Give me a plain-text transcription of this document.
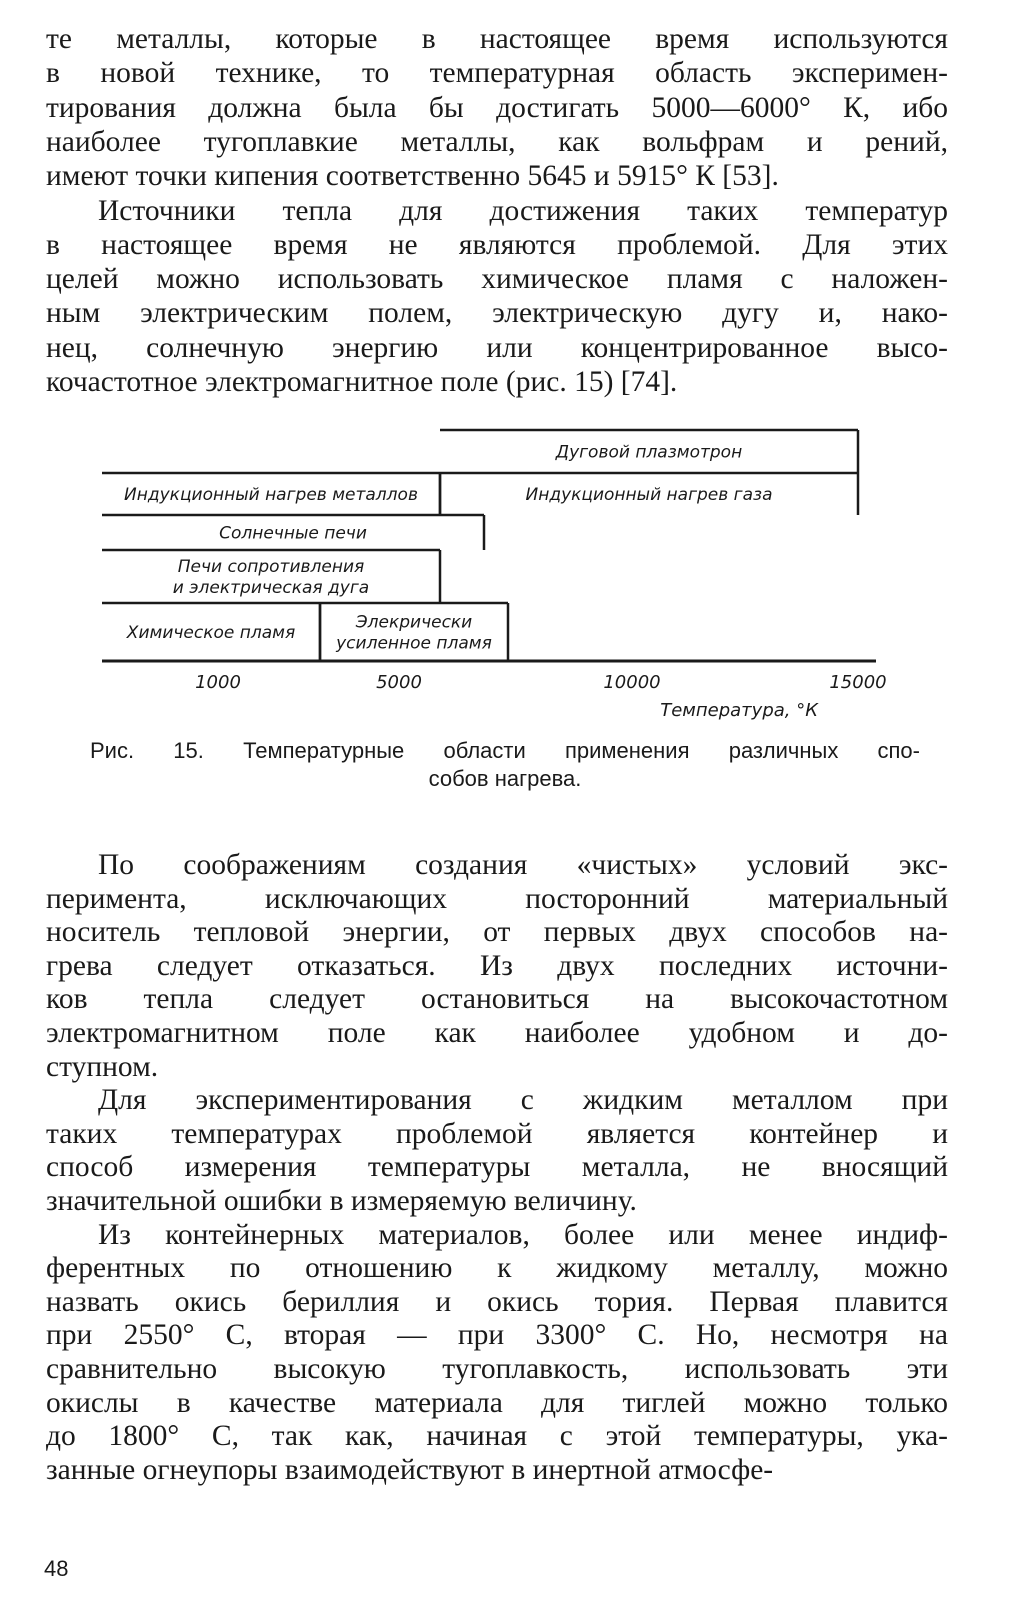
те металлы, которые в настоящее время используются
в новой технике, то температурная область эксперимен-
тирования должна была бы достигать 5000—6000° К, ибо
наиболее тугоплавкие металлы, как вольфрам и рений,
имеют точки кипения соответственно 5645 и 5915° К [53].
Источники тепла для достижения таких температур
в настоящее время не являются проблемой. Для этих
целей можно использовать химическое пламя с наложен-
ным электрическим полем, электрическую дугу и, нако-
нец, солнечную энергию или концентрированное высо-
кочастотное электромагнитное поле (рис. 15) [74].
Дуговой плазмотрон
Индукционный нагрев металлов	Индукционный нагрев газа
Солнечные печи
Печи сопротивления
и электрическая дуга
Химическое пламя
Элекрически
усиленное пламя
1000	5000	10000	15000
Температура, °К
Рис. 15. Температурные области применения различных спо-
собов нагрева.
По соображениям создания «чистых» условий экс-
перимента, исключающих посторонний материальный
носитель тепловой энергии, от первых двух способов на-
грева следует отказаться. Из двух последних источни-
ков тепла следует остановиться на высокочастотном
электромагнитном поле как наиболее удобном и до-
ступном.
Для экспериментирования с жидким металлом при
таких температурах проблемой является контейнер и
способ измерения температуры металла, не вносящий
значительной ошибки в измеряемую величину.
Из контейнерных материалов, более или менее индиф-
ферентных по отношению к жидкому металлу, можно
назвать окись бериллия и окись тория. Первая плавится
при 2550° С, вторая — при 3300° С. Но, несмотря на
сравнительно высокую тугоплавкость, использовать эти
окислы в качестве материала для тиглей можно только
до 1800° С, так как, начиная с этой температуры, ука-
занные огнеупоры взаимодействуют в инертной атмосфе-
48
